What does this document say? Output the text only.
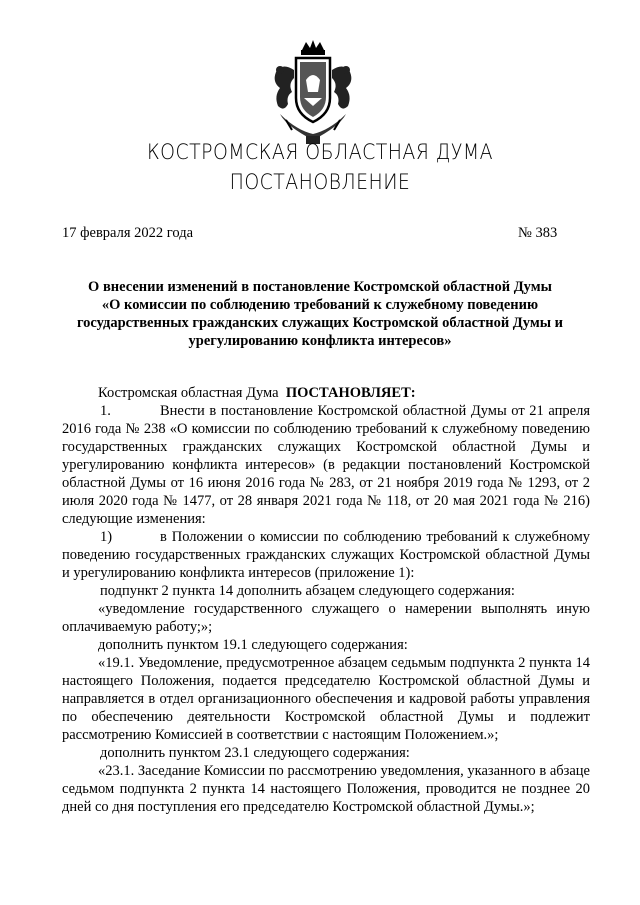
КОСТРОМСКАЯ ОБЛАСТНАЯ ДУМА
ПОСТАНОВЛЕНИЕ
17 февраля 2022 года	№ 383
О внесении изменений в постановление Костромской областной Думы
«О комиссии по соблюдению требований к служебному поведению
государственных гражданских служащих Костромской областной Думы и
урегулированию конфликта интересов»

Костромская областная Дума ПОСТАНОВЛЯЕТ:

1.	Внести в постановление Костромской областной Думы от 21 апреля 2016 года № 238 «О комиссии по соблюдению требований к служебному поведению государственных гражданских служащих Костромской областной Думы и урегулированию конфликта интересов» (в редакции постановлений Костромской областной Думы от 16 июня 2016 года № 283, от 21 ноября 2019 года № 1293, от 2 июля 2020 года № 1477, от 28 января 2021 года № 118, от 20 мая 2021 года № 216) следующие изменения:

1)	в Положении о комиссии по соблюдению требований к служебному поведению государственных гражданских служащих Костромской областной Думы и урегулированию конфликта интересов (приложение 1):

подпункт 2 пункта 14 дополнить абзацем следующего содержания:

«уведомление государственного служащего о намерении выполнять иную оплачиваемую работу;»;

дополнить пунктом 19.1 следующего содержания:

«19.1. Уведомление, предусмотренное абзацем седьмым подпункта 2 пункта 14 настоящего Положения, подается председателю Костромской областной Думы и направляется в отдел организационного обеспечения и кадровой работы управления по обеспечению деятельности Костромской областной Думы и подлежит рассмотрению Комиссией в соответствии с настоящим Положением.»;

дополнить пунктом 23.1 следующего содержания:

«23.1. Заседание Комиссии по рассмотрению уведомления, указанного в абзаце седьмом подпункта 2 пункта 14 настоящего Положения, проводится не позднее 20 дней со дня поступления его председателю Костромской областной Думы.»;
